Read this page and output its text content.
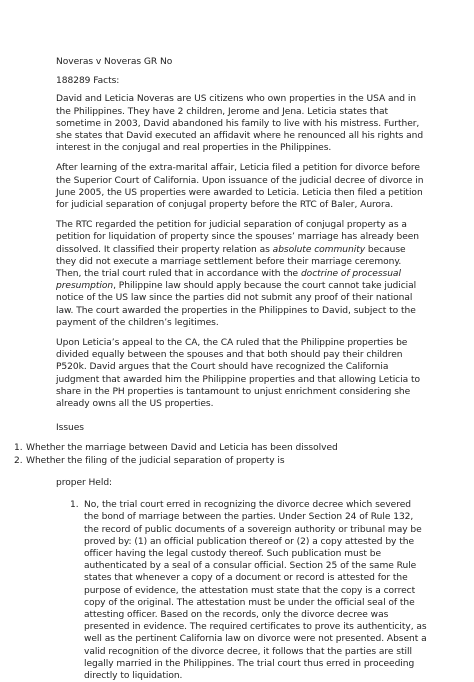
Noveras v Noveras GR No

188289 Facts:

David and Leticia Noveras are US citizens who own properties in the USA and in the Philippines. They have 2 children, Jerome and Jena. Leticia states that sometime in 2003, David abandoned his family to live with his mistress. Further, she states that David executed an affidavit where he renounced all his rights and interest in the conjugal and real properties in the Philippines.

After learning of the extra-marital affair, Leticia filed a petition for divorce before the Superior Court of California. Upon issuance of the judicial decree of divorce in June 2005, the US properties were awarded to Leticia. Leticia then filed a petition for judicial separation of conjugal property before the RTC of Baler, Aurora.

The RTC regarded the petition for judicial separation of conjugal property as a petition for liquidation of property since the spouses’ marriage has already been dissolved. It classified their property relation as absolute community because they did not execute a marriage settlement before their marriage ceremony. Then, the trial court ruled that in accordance with the doctrine of processual presumption, Philippine law should apply because the court cannot take judicial notice of the US law since the parties did not submit any proof of their national law. The court awarded the properties in the Philippines to David, subject to the payment of the children’s legitimes.

Upon Leticia’s appeal to the CA, the CA ruled that the Philippine properties be divided equally between the spouses and that both should pay their children P520k. David argues that the Court should have recognized the California judgment that awarded him the Philippine properties and that allowing Leticia to share in the PH properties is tantamount to unjust enrichment considering she already owns all the US properties.

Issues

1. Whether the marriage between David and Leticia has been dissolved
2. Whether the filing of the judicial separation of property is

proper Held:

1. No, the trial court erred in recognizing the divorce decree which severed the bond of marriage between the parties. Under Section 24 of Rule 132, the record of public documents of a sovereign authority or tribunal may be proved by: (1) an official publication thereof or (2) a copy attested by the officer having the legal custody thereof. Such publication must be authenticated by a seal of a consular official. Section 25 of the same Rule states that whenever a copy of a document or record is attested for the purpose of evidence, the attestation must state that the copy is a correct copy of the original. The attestation must be under the official seal of the attesting officer. Based on the records, only the divorce decree was presented in evidence. The required certificates to prove its authenticity, as well as the pertinent California law on divorce were not presented. Absent a valid recognition of the divorce decree, it follows that the parties are still legally married in the Philippines. The trial court thus erred in proceeding directly to liquidation.
